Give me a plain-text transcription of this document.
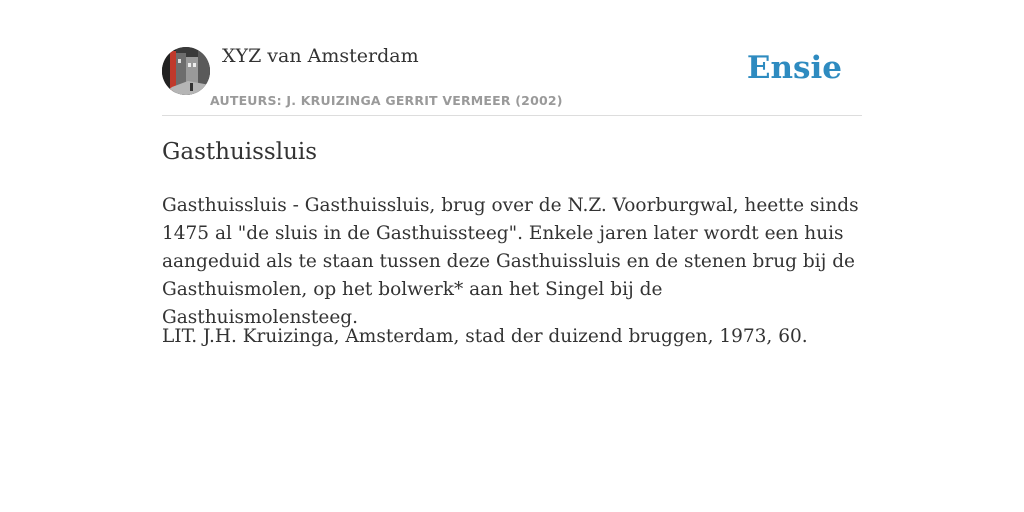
XYZ van Amsterdam
AUTEURS: J. KRUIZINGA GERRIT VERMEER (2002)
Ensie
Gasthuissluis

Gasthuissluis - Gasthuissluis, brug over de N.Z. Voorburgwal, heette sinds 1475 al "de sluis in de Gasthuissteeg". Enkele jaren later wordt een huis aangeduid als te staan tussen deze Gasthuissluis en de stenen brug bij de Gasthuismolen, op het bolwerk* aan het Singel bij de Gasthuismolensteeg.

LIT. J.H. Kruizinga, Amsterdam, stad der duizend bruggen, 1973, 60.
